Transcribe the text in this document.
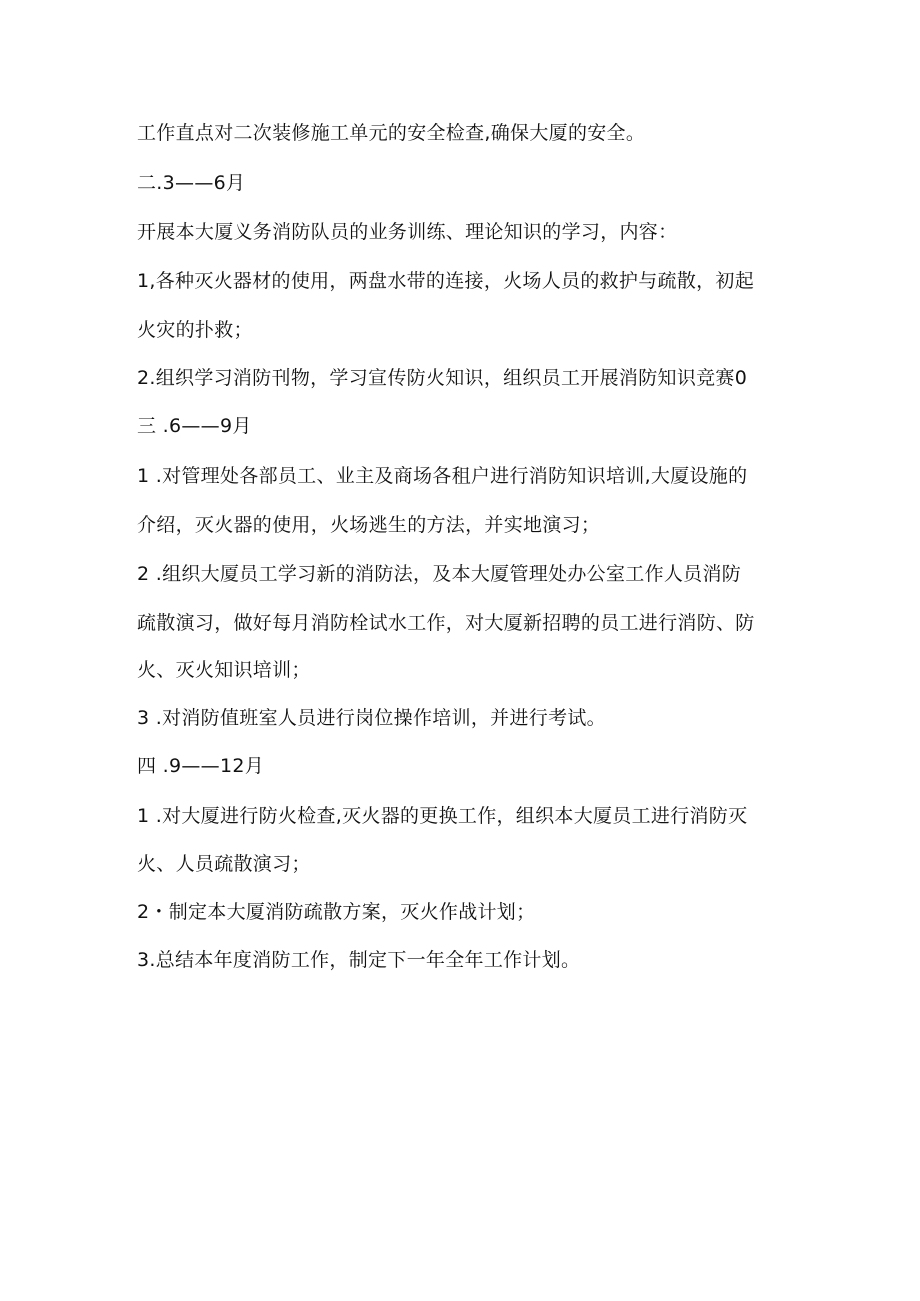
工作直点对二次装修施工单元的安全检查,确保大厦的安全。

二.3——6月

开展本大厦义务消防队员的业务训练、理论知识的学习，内容：

1,各种灭火器材的使用，两盘水带的连接，火场人员的救护与疏散，初起

火灾的扑救；

2.组织学习消防刊物，学习宣传防火知识，组织员工开展消防知识竞赛0

三 .6——9月

1 .对管理处各部员工、业主及商场各租户进行消防知识培训,大厦设施的

介绍，灭火器的使用，火场逃生的方法，并实地演习；

2 .组织大厦员工学习新的消防法，及本大厦管理处办公室工作人员消防

疏散演习，做好每月消防栓试水工作，对大厦新招聘的员工进行消防、防

火、灭火知识培训；

3 .对消防值班室人员进行岗位操作培训，并进行考试。

四 .9——12月

1 .对大厦进行防火检查,灭火器的更换工作，组织本大厦员工进行消防灭

火、人员疏散演习；

2・制定本大厦消防疏散方案，灭火作战计划；

3.总结本年度消防工作，制定下一年全年工作计划。
